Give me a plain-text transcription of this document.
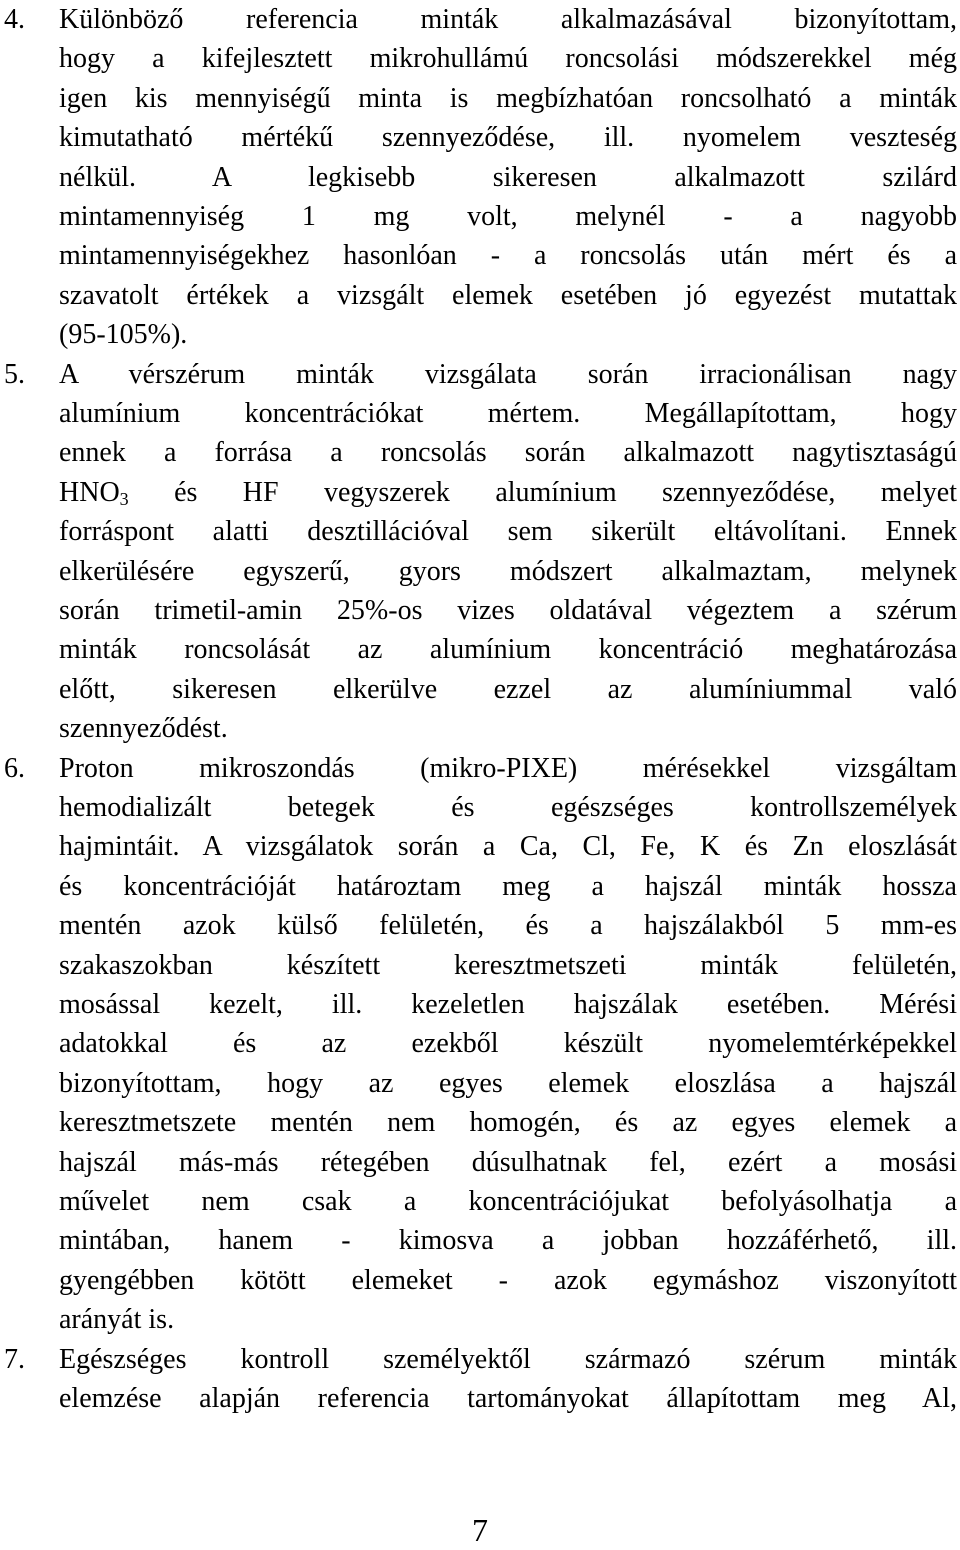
4. Különböző referencia minták alkalmazásával bizonyítottam,
hogy a kifejlesztett mikrohullámú roncsolási módszerekkel még
igen kis mennyiségű minta is megbízhatóan roncsolható a minták
kimutatható mértékű szennyeződése, ill. nyomelem veszteség
nélkül. A legkisebb sikeresen alkalmazott szilárd
mintamennyiség 1 mg volt, melynél - a nagyobb
mintamennyiségekhez hasonlóan - a roncsolás után mért és a
szavatolt értékek a vizsgált elemek esetében jó egyezést mutattak
(95-105%).
5. A vérszérum minták vizsgálata során irracionálisan nagy
alumínium koncentrációkat mértem. Megállapítottam, hogy
ennek a forrása a roncsolás során alkalmazott nagytisztaságú
$HNO_3$ és HF vegyszerek alumínium szennyeződése, melyet
forráspont alatti desztillációval sem sikerült eltávolítani. Ennek
elkerülésére egyszerű, gyors módszert alkalmaztam, melynek
során trimetil-amin 25%-os vizes oldatával végeztem a szérum
minták roncsolását az alumínium koncentráció meghatározása
előtt, sikeresen elkerülve ezzel az alumíniummal való
szennyeződést.
6. Proton mikroszondás (mikro-PIXE) mérésekkel vizsgáltam
hemodializált betegek és egészséges kontrollszemélyek
hajmintáit. A vizsgálatok során a Ca, Cl, Fe, K és Zn eloszlását
és koncentrációját határoztam meg a hajszál minták hossza
mentén azok külső felületén, és a hajszálakból 5 mm-es
szakaszokban készített keresztmetszeti minták felületén,
mosással kezelt, ill. kezeletlen hajszálak esetében. Mérési
adatokkal és az ezekből készült nyomelemtérképekkel
bizonyítottam, hogy az egyes elemek eloszlása a hajszál
keresztmetszete mentén nem homogén, és az egyes elemek a
hajszál más-más rétegében dúsulhatnak fel, ezért a mosási
művelet nem csak a koncentrációjukat befolyásolhatja a
mintában, hanem - kimosva a jobban hozzáférhető, ill.
gyengébben kötött elemeket - azok egymáshoz viszonyított
arányát is.
7. Egészséges kontroll személyektől származó szérum minták
elemzése alapján referencia tartományokat állapítottam meg Al,
7
